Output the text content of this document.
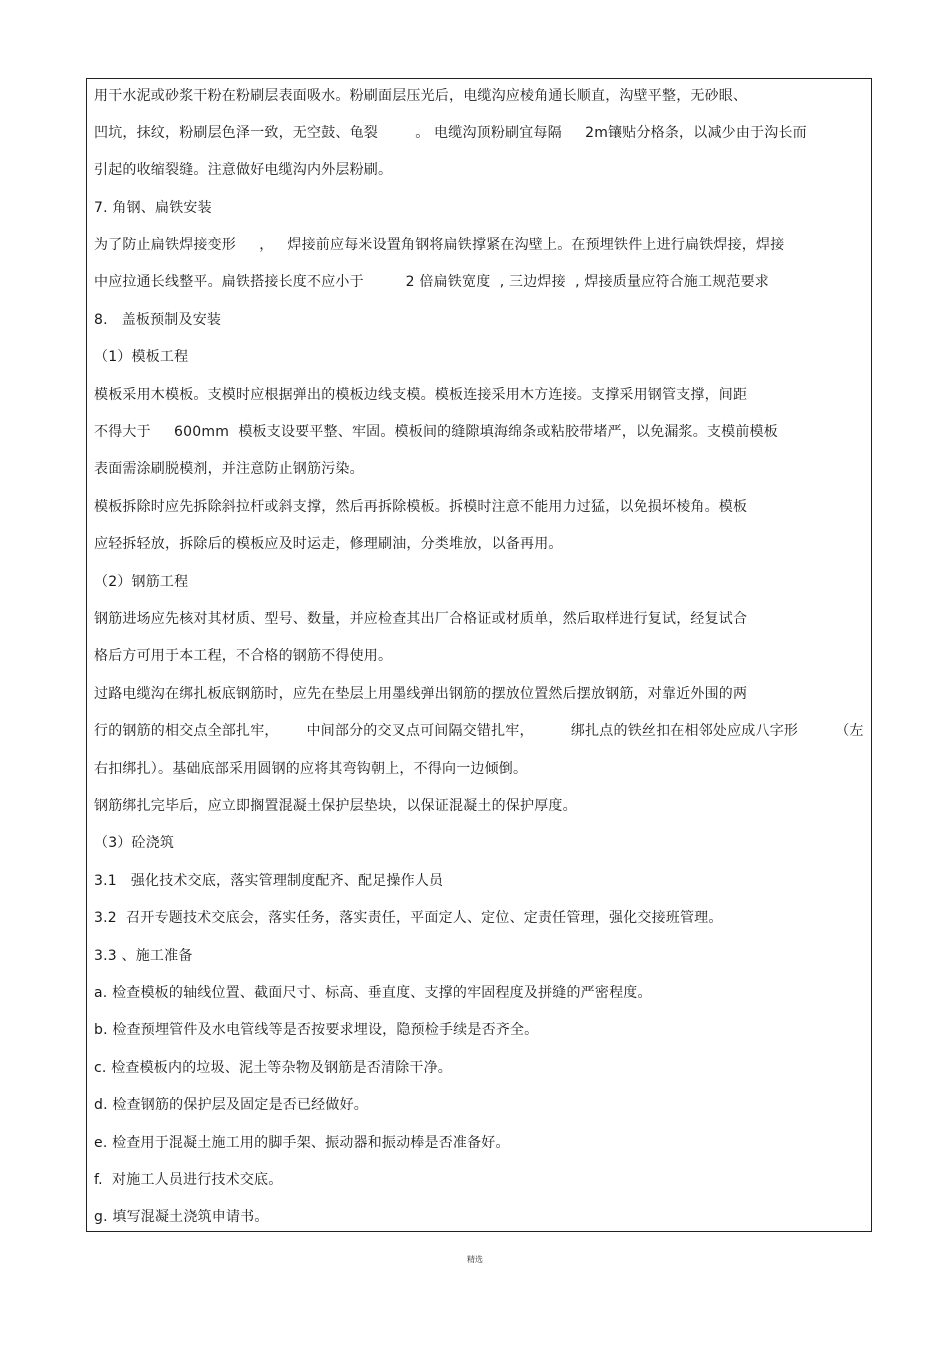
用干水泥或砂浆干粉在粉刷层表面吸水。粉刷面层压光后，电缆沟应棱角通长顺直，沟壁平整，无砂眼、
凹坑，抹纹，粉刷层色泽一致，无空鼓、龟裂        。 电缆沟顶粉刷宜每隔     2m镶贴分格条，以减少由于沟长而
引起的收缩裂缝。注意做好电缆沟内外层粉刷。
7. 角钢、扁铁安装
为了防止扁铁焊接变形     ，   焊接前应每米设置角钢将扁铁撑紧在沟壁上。在预埋铁件上进行扁铁焊接，焊接
中应拉通长线整平。扁铁搭接长度不应小于         2 倍扁铁宽度  , 三边焊接  , 焊接质量应符合施工规范要求
8.   盖板预制及安装
（1）模板工程
模板采用木模板。支模时应根据弹出的模板边线支模。模板连接采用木方连接。支撑采用钢管支撑，间距
不得大于     600mm  模板支设要平整、牢固。模板间的缝隙填海绵条或粘胶带堵严，以免漏浆。支模前模板
表面需涂刷脱模剂，并注意防止钢筋污染。
模板拆除时应先拆除斜拉杆或斜支撑，然后再拆除模板。拆模时注意不能用力过猛，以免损坏棱角。模板
应轻拆轻放，拆除后的模板应及时运走，修理刷油，分类堆放，以备再用。
（2）钢筋工程
钢筋进场应先核对其材质、型号、数量，并应检查其出厂合格证或材质单，然后取样进行复试，经复试合
格后方可用于本工程，不合格的钢筋不得使用。
过路电缆沟在绑扎板底钢筋时，应先在垫层上用墨线弹出钢筋的摆放位置然后摆放钢筋，对靠近外围的两
行的钢筋的相交点全部扎牢，      中间部分的交叉点可间隔交错扎牢，        绑扎点的铁丝扣在相邻处应成八字形        （左
右扣绑扎）。基础底部采用圆钢的应将其弯钩朝上，不得向一边倾倒。
钢筋绑扎完毕后，应立即搁置混凝土保护层垫块，以保证混凝土的保护厚度。
（3）砼浇筑
3.1   强化技术交底，落实管理制度配齐、配足操作人员
3.2  召开专题技术交底会，落实任务，落实责任，平面定人、定位、定责任管理，强化交接班管理。
3.3 、施工准备
a. 检查模板的轴线位置、截面尺寸、标高、垂直度、支撑的牢固程度及拼缝的严密程度。
b. 检查预埋管件及水电管线等是否按要求埋设，隐预检手续是否齐全。
c. 检查模板内的垃圾、泥土等杂物及钢筋是否清除干净。
d. 检查钢筋的保护层及固定是否已经做好。
e. 检查用于混凝土施工用的脚手架、振动器和振动棒是否准备好。
f.  对施工人员进行技术交底。
g. 填写混凝土浇筑申请书。
精选
